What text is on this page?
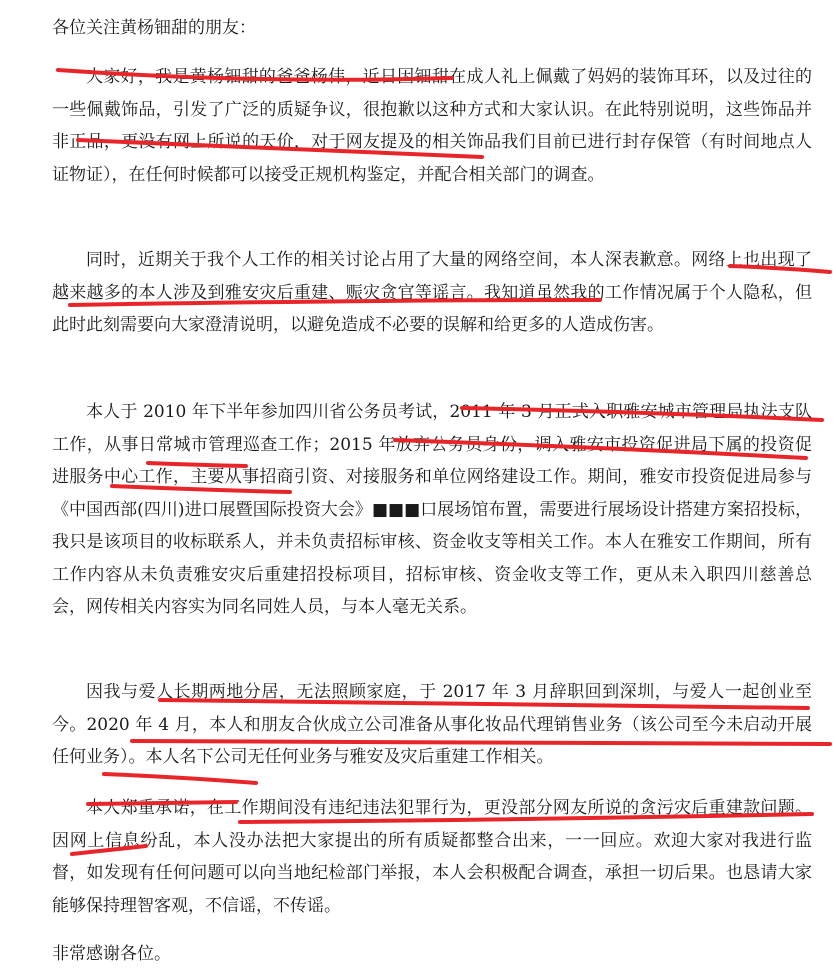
各位关注黄杨钿甜的朋友：

大家好，我是黄杨钿甜的爸爸杨伟，近日因钿甜在成人礼上佩戴了妈妈的装饰耳环，以及过往的一些佩戴饰品，引发了广泛的质疑争议，很抱歉以这种方式和大家认识。在此特别说明，这些饰品并非正品，更没有网上所说的天价，对于网友提及的相关饰品我们目前已进行封存保管（有时间地点人证物证），在任何时候都可以接受正规机构鉴定，并配合相关部门的调查。

同时，近期关于我个人工作的相关讨论占用了大量的网络空间，本人深表歉意。网络上也出现了越来越多的本人涉及到雅安灾后重建、赈灾贪官等谣言。我知道虽然我的工作情况属于个人隐私，但此时此刻需要向大家澄清说明，以避免造成不必要的误解和给更多的人造成伤害。

本人于 2010 年下半年参加四川省公务员考试，2011 年 3 月正式入职雅安城市管理局执法支队工作，从事日常城市管理巡查工作；2015 年放弃公务员身份，调入雅安市投资促进局下属的投资促进服务中心工作，主要从事招商引资、对接服务和单位网络建设工作。期间，雅安市投资促进局参与《中国西部(四川)进口展暨国际投资大会》■■■口展场馆布置，需要进行展场设计搭建方案招投标，我只是该项目的收标联系人，并未负责招标审核、资金收支等相关工作。本人在雅安工作期间，所有工作内容从未负责雅安灾后重建招投标项目，招标审核、资金收支等工作，更从未入职四川慈善总会，网传相关内容实为同名同姓人员，与本人毫无关系。

因我与爱人长期两地分居，无法照顾家庭，于 2017 年 3 月辞职回到深圳，与爱人一起创业至今。2020 年 4 月，本人和朋友合伙成立公司准备从事化妆品代理销售业务（该公司至今未启动开展任何业务）。本人名下公司无任何业务与雅安及灾后重建工作相关。

本人郑重承诺，在工作期间没有违纪违法犯罪行为，更没部分网友所说的贪污灾后重建款问题。因网上信息纷乱，本人没办法把大家提出的所有质疑都整合出来，一一回应。欢迎大家对我进行监督，如发现有任何问题可以向当地纪检部门举报，本人会积极配合调查，承担一切后果。也恳请大家能够保持理智客观，不信谣，不传谣。

非常感谢各位。
